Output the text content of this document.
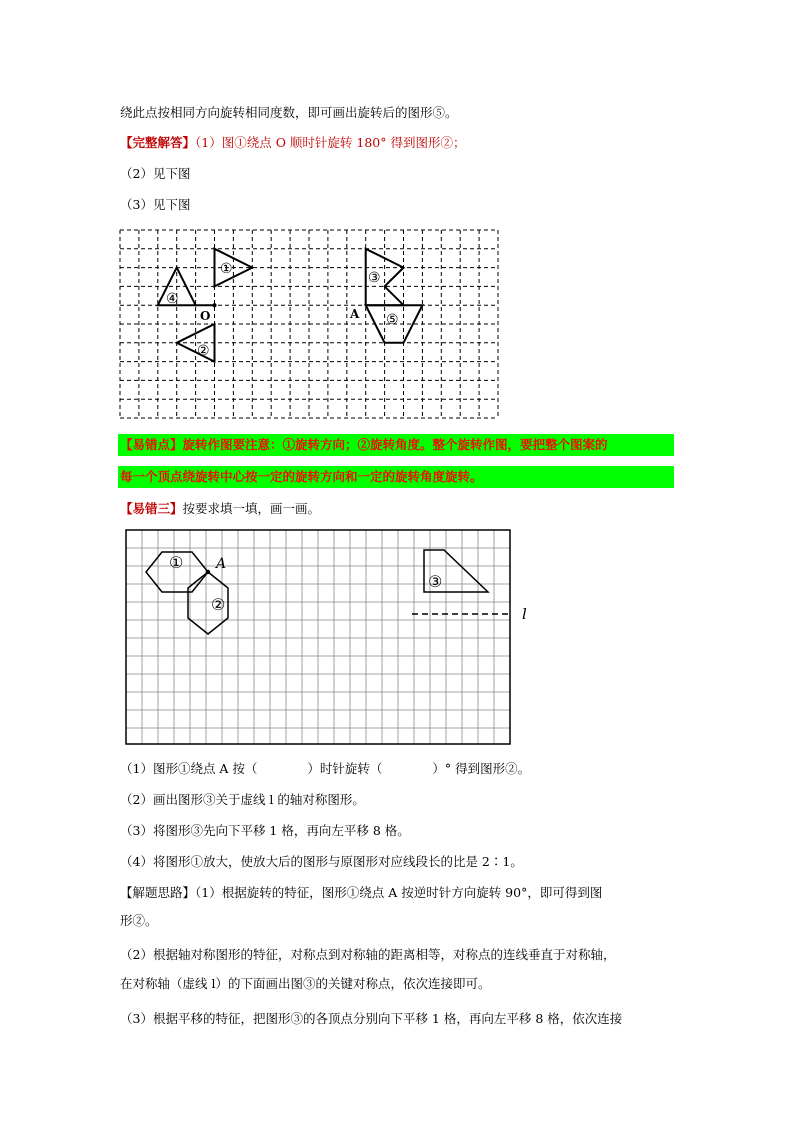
绕此点按相同方向旋转相同度数，即可画出旋转后的图形⑤。
【完整解答】（1）图①绕点 O 顺时针旋转 180° 得到图形②；
（2）见下图
（3）见下图
①
④
②
③
⑤
O	A
【易错点】旋转作图要注意：①旋转方向；②旋转角度。整个旋转作图，要把整个图案的
每一个顶点绕旋转中心按一定的旋转方向和一定的旋转角度旋转。
【易错三】按要求填一填，画一画。
①
②
③
A
l
（1）图形①绕点 A 按（　　　　）时针旋转（　　　　）° 得到图形②。
（2）画出图形③关于虚线 l 的轴对称图形。
（3）将图形③先向下平移 1 格，再向左平移 8 格。
（4）将图形①放大，使放大后的图形与原图形对应线段长的比是 2∶1。
【解题思路】（1）根据旋转的特征，图形①绕点 A 按逆时针方向旋转 90°，即可得到图
形②。
（2）根据轴对称图形的特征，对称点到对称轴的距离相等，对称点的连线垂直于对称轴，
在对称轴（虚线 l）的下面画出图③的关键对称点，依次连接即可。
（3）根据平移的特征，把图形③的各顶点分别向下平移 1 格，再向左平移 8 格，依次连接
